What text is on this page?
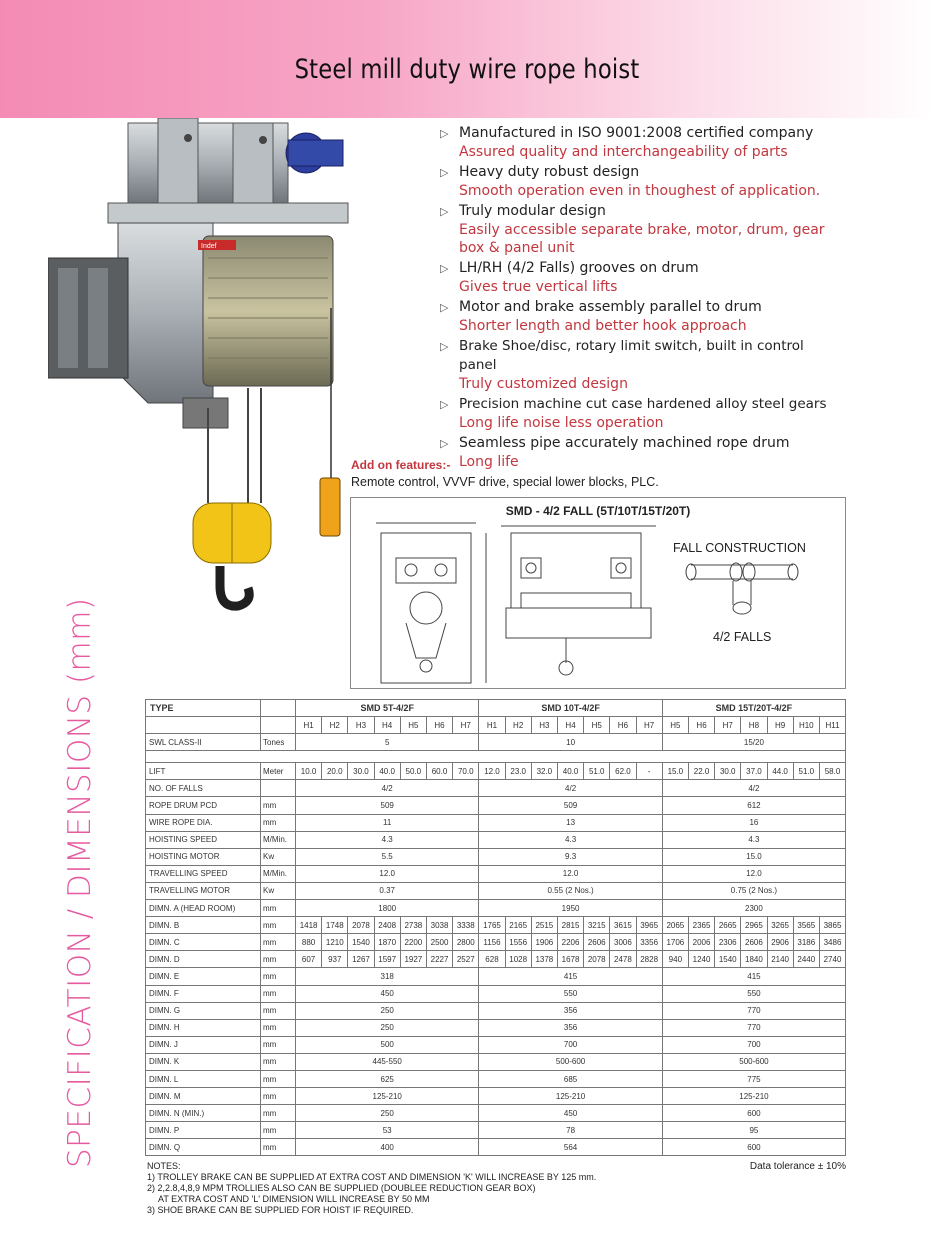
Steel mill duty wire rope hoist
Indef
▷ Manufactured in ISO 9001:2008 certified company
Assured quality and interchangeability of parts
▷ Heavy duty robust design
Smooth operation even in thoughest of application.
▷ Truly modular design
Easily accessible separate brake, motor, drum, gear box & panel unit
▷ LH/RH (4/2 Falls) grooves on drum
Gives true vertical lifts
▷ Motor and brake assembly parallel to drum
Shorter length and better hook approach
▷ Brake Shoe/disc, rotary limit switch, built in control panel
Truly customized design
▷ Precision machine cut case hardened alloy steel gears
Long life noise less operation
▷ Seamless pipe accurately machined rope drum
Long life
Add on features:-
Remote control, VVVF drive, special lower blocks, PLC.
SMD - 4/2 FALL (5T/10T/15T/20T)
FALL CONSTRUCTION
4/2 FALLS
SPECIFICATION / DIMENSIONS (mm)	TYPE		SMD 5T-4/2F							SMD 10T-4/2F							SMD 15T/20T-4/2F						
		H1	H2	H3	H4	H5	H6	H7	H1	H2	H3	H4	H5	H6	H7	H5	H6	H7	H8	H9	H10	H11
SWL CLASS-II	Tones	5							10							15/20						

LIFT	Meter	10.0	20.0	30.0	40.0	50.0	60.0	70.0	12.0	23.0	32.0	40.0	51.0	62.0	-	15.0	22.0	30.0	37.0	44.0	51.0	58.0
NO. OF FALLS		4/2							4/2							4/2						
ROPE DRUM PCD	mm	509							509							612						
WIRE ROPE DIA.	mm	11							13							16						
HOISTING SPEED	M/Min.	4.3							4.3							4.3						
HOISTING MOTOR	Kw	5.5							9.3							15.0						
TRAVELLING SPEED	M/Min.	12.0							12.0							12.0						
TRAVELLING MOTOR	Kw	0.37							0.55 (2 Nos.)							0.75 (2 Nos.)						
DIMN. A (HEAD ROOM)	mm	1800							1950							2300						
DIMN. B	mm	1418	1748	2078	2408	2738	3038	3338	1765	2165	2515	2815	3215	3615	3965	2065	2365	2665	2965	3265	3565	3865
DIMN. C	mm	880	1210	1540	1870	2200	2500	2800	1156	1556	1906	2206	2606	3006	3356	1706	2006	2306	2606	2906	3186	3486
DIMN. D	mm	607	937	1267	1597	1927	2227	2527	628	1028	1378	1678	2078	2478	2828	940	1240	1540	1840	2140	2440	2740
DIMN. E	mm	318							415							415						
DIMN. F	mm	450							550							550						
DIMN. G	mm	250							356							770						
DIMN. H	mm	250							356							770						
DIMN. J	mm	500							700							700						
DIMN. K	mm	445-550							500-600							500-600						
DIMN. L	mm	625							685							775						
DIMN. M	mm	125-210							125-210							125-210						
DIMN. N (MIN.)	mm	250							450							600						
DIMN. P	mm	53							78							95						
DIMN. Q	mm	400							564							600						
NOTES:
1) TROLLEY BRAKE CAN BE SUPPLIED AT EXTRA COST AND DIMENSION 'K' WILL INCREASE BY 125 mm.
2) 2,2.8,4,8,9 MPM TROLLIES ALSO CAN BE SUPPLIED (DOUBLEE REDUCTION GEAR BOX)
AT EXTRA COST AND 'L' DIMENSION WILL INCREASE BY 50 MM
3) SHOE BRAKE CAN BE SUPPLIED FOR HOIST IF REQUIRED.
Data tolerance ± 10%
